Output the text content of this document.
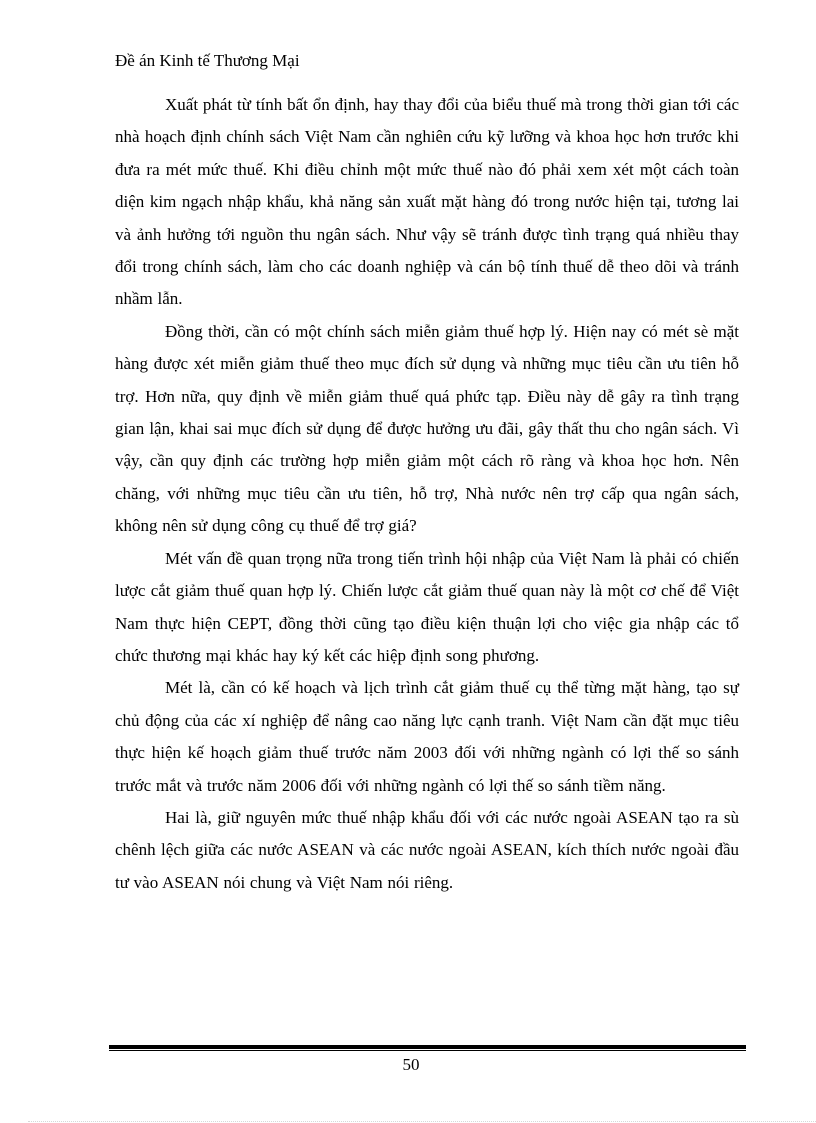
Đề án Kinh tế Thương Mại

Xuất phát từ tính bất ổn định, hay thay đổi của biểu thuế mà trong thời gian tới các nhà hoạch định chính sách Việt Nam cần nghiên cứu kỹ lưỡng và khoa học hơn trước khi đưa ra mét mức thuế. Khi điều chỉnh một mức thuế nào đó phải xem xét một cách toàn diện kim ngạch nhập khẩu, khả năng sản xuất mặt hàng đó trong nước hiện tại, tương lai và ảnh hưởng tới nguồn thu ngân sách. Như vậy sẽ tránh được tình trạng quá nhiều thay đổi trong chính sách, làm cho các doanh nghiệp và cán bộ tính thuế dễ theo dõi và tránh nhầm lẫn.

Đồng thời, cần có một chính sách miễn giảm thuế hợp lý. Hiện nay có mét sè mặt hàng được xét miễn giảm thuế theo mục đích sử dụng và những mục tiêu cần ưu tiên hỗ trợ. Hơn nữa, quy định về miễn giảm thuế quá phức tạp. Điều này dễ gây ra tình trạng gian lận, khai sai mục đích sử dụng để được hưởng ưu đãi, gây thất thu cho ngân sách. Vì vậy, cần quy định các trường hợp miễn giảm một cách rõ ràng và khoa học hơn. Nên chăng, với những mục tiêu cần ưu tiên, hỗ trợ, Nhà nước nên trợ cấp qua ngân sách, không nên sử dụng công cụ thuế để trợ giá?

Mét vấn đề quan trọng nữa trong tiến trình hội nhập của Việt Nam là phải có chiến lược cắt giảm thuế quan hợp lý. Chiến lược cắt giảm thuế quan này là một cơ chế để Việt Nam thực hiện CEPT, đồng thời cũng tạo điều kiện thuận lợi cho việc gia nhập các tổ chức thương mại khác hay ký kết các hiệp định song phương.

Mét là, cần có kế hoạch và lịch trình cắt giảm thuế cụ thể từng mặt hàng, tạo sự chủ động của các xí nghiệp để nâng cao năng lực cạnh tranh. Việt Nam cần đặt mục tiêu thực hiện kế hoạch giảm thuế trước năm 2003 đối với những ngành có lợi thế so sánh trước mắt và trước năm 2006 đối với những ngành có lợi thế so sánh tiềm năng.

Hai là, giữ nguyên mức thuế nhập khẩu đối với các nước ngoài ASEAN tạo ra sù chênh lệch giữa các nước ASEAN và các nước ngoài ASEAN, kích thích nước ngoài đầu tư vào ASEAN nói chung và Việt Nam nói riêng.

50
